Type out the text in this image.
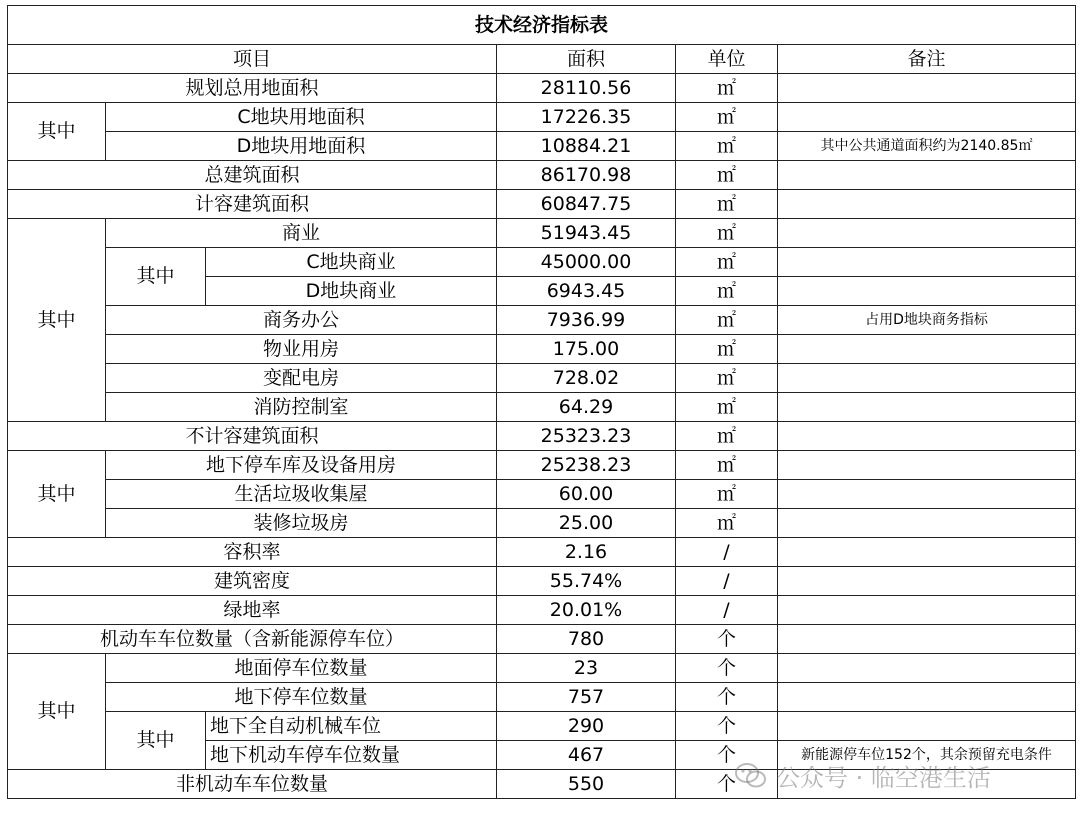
技术经济指标表					
项目			面积	单位	备注
规划总用地面积			28110.56	㎡	
其中	C地块用地面积		17226.35	㎡	
	D地块用地面积		10884.21	㎡	其中公共通道面积约为2140.85㎡
总建筑面积			86170.98	㎡	
计容建筑面积			60847.75	㎡	
其中	商业		51943.45	㎡	
	其中	C地块商业	45000.00	㎡	
		D地块商业	6943.45	㎡	
	商务办公		7936.99	㎡	占用D地块商务指标
	物业用房		175.00	㎡	
	变配电房		728.02	㎡	
	消防控制室		64.29	㎡	
不计容建筑面积			25323.23	㎡	
其中	地下停车库及设备用房		25238.23	㎡	
	生活垃圾收集屋		60.00	㎡	
	装修垃圾房		25.00	㎡	
容积率			2.16	/	
建筑密度			55.74%	/	
绿地率			20.01%	/	
机动车车位数量（含新能源停车位）			780	个	
其中	地面停车位数量		23	个	
	地下停车位数量		757	个	
	其中	地下全自动机械车位	290	个	
		地下机动车停车位数量	467	个	新能源停车位152个，其余预留充电条件
非机动车车位数量			550	个	公众号 · 临空港生活
